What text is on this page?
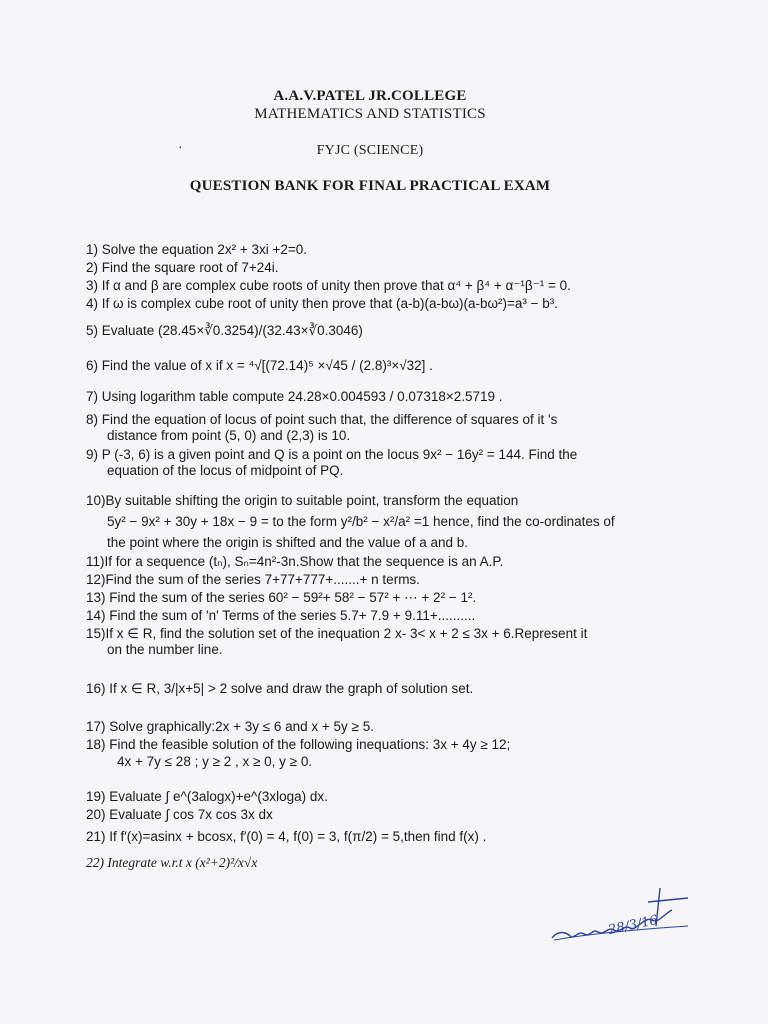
A.A.V.PATEL JR.COLLEGE
MATHEMATICS AND STATISTICS
FYJC (SCIENCE)
·
QUESTION BANK FOR FINAL PRACTICAL EXAM
1) Solve the equation 2x² + 3xi +2=0.
2) Find the square root of 7+24i.
3) If α and β are complex cube roots of unity then prove that α⁴ + β⁴ + α⁻¹β⁻¹ = 0.
4) If ω is complex cube root of unity then prove that (a-b)(a-bω)(a-bω²)=a³ − b³.
5) Evaluate (28.45×∛0.3254)/(32.43×∛0.3046)
6) Find the value of x if x = ⁴√[(72.14)⁵ ×√45 / (2.8)³×√32] .
7) Using logarithm table compute 24.28×0.004593 / 0.07318×2.5719 .
8) Find the equation of locus of point such that, the difference of squares of it 's
distance from point (5, 0) and (2,3) is 10.
9) P (-3, 6) is a given point and Q is a point on the locus 9x² − 16y² = 144. Find the
equation of the locus of midpoint of PQ.
10)By suitable shifting the origin to suitable point, transform the equation
5y² − 9x² + 30y + 18x − 9 = to the form y²/b² − x²/a² =1 hence, find the co-ordinates of
the point where the origin is shifted and the value of a and b.
11)If for a sequence (tₙ), Sₙ=4n²-3n.Show that the sequence is an A.P.
12)Find the sum of the series 7+77+777+.......+ n terms.
13) Find the sum of the series 60² − 59²+ 58² − 57² + ⋯ + 2² − 1².
14) Find the sum of 'n' Terms of the series 5.7+ 7.9 + 9.11+..........
15)If x ∈ R, find the solution set of the inequation 2 x- 3< x + 2 ≤ 3x + 6.Represent it
on the number line.
16) If x ∈ R, 3/|x+5| > 2 solve and draw the graph of solution set.
17) Solve graphically:2x + 3y ≤ 6 and x + 5y ≥ 5.
18) Find the feasible solution of the following inequations: 3x + 4y ≥ 12;
4x + 7y ≤ 28 ; y ≥ 2 , x ≥ 0, y ≥ 0.
19) Evaluate ∫ e^(3alogx)+e^(3xloga) dx.
20) Evaluate ∫ cos 7x cos 3x dx
21) If f′(x)=asinx + bcosx, f′(0) = 4, f(0) = 3, f(π/2) = 5,then find f(x) .
22) Integrate w.r.t x (x²+2)²/x√x
28/3/16
